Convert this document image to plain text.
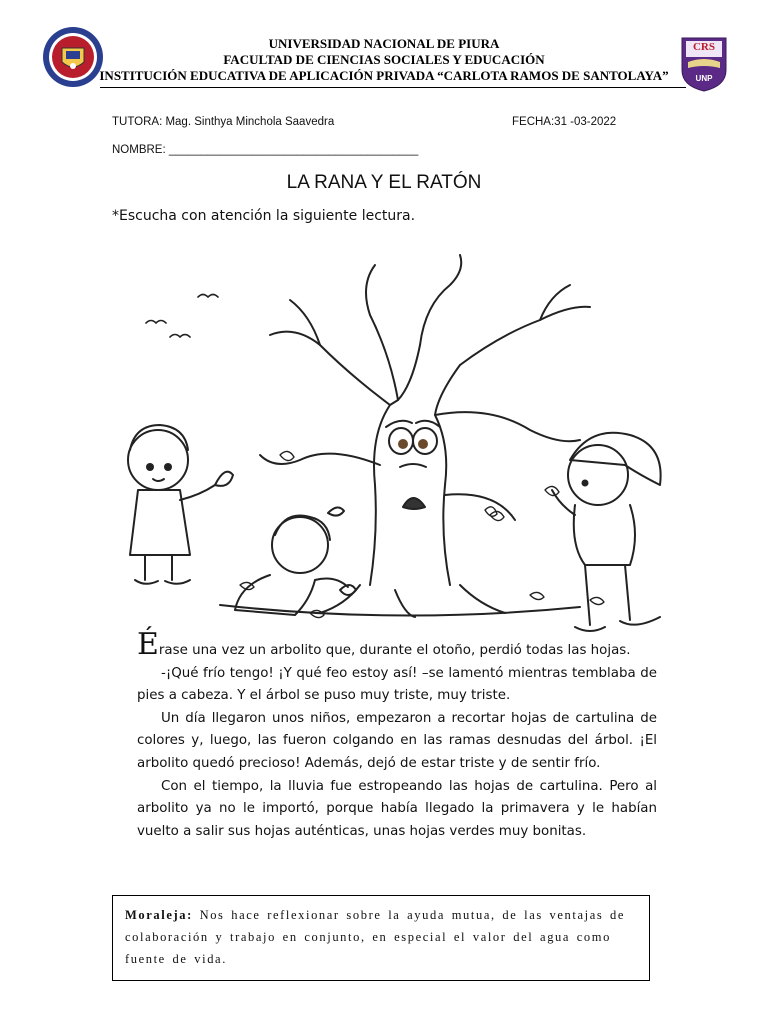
UNIVERSIDAD NACIONAL DE PIURA
FACULTAD DE CIENCIAS SOCIALES Y EDUCACIÓN
INSTITUCIÓN EDUCATIVA DE APLICACIÓN PRIVADA “CARLOTA RAMOS DE SANTOLAYA”
CRS
UNP
TUTORA: Mag. Sinthya Minchola Saavedra	FECHA:31 -03-2022
NOMBRE: _______________________________________
LA RANA Y EL RATÓN
*Escucha con atención la siguiente lectura.

Érase una vez un arbolito que, durante el otoño, perdió todas las hojas.

-¡Qué frío tengo! ¡Y qué feo estoy así! –se lamentó mientras temblaba de pies a cabeza. Y el árbol se puso muy triste, muy triste.

Un día llegaron unos niños, empezaron a recortar hojas de cartulina de colores y, luego, las fueron colgando en las ramas desnudas del árbol. ¡El arbolito quedó precioso! Además, dejó de estar triste y de sentir frío.

Con el tiempo, la lluvia fue estropeando las hojas de cartulina. Pero al arbolito ya no le importó, porque había llegado la primavera y le habían vuelto a salir sus hojas auténticas, unas hojas verdes muy bonitas.

Moraleja: Nos hace reflexionar sobre la ayuda mutua, de las ventajas de colaboración y trabajo en conjunto, en especial el valor del agua como fuente de vida.
